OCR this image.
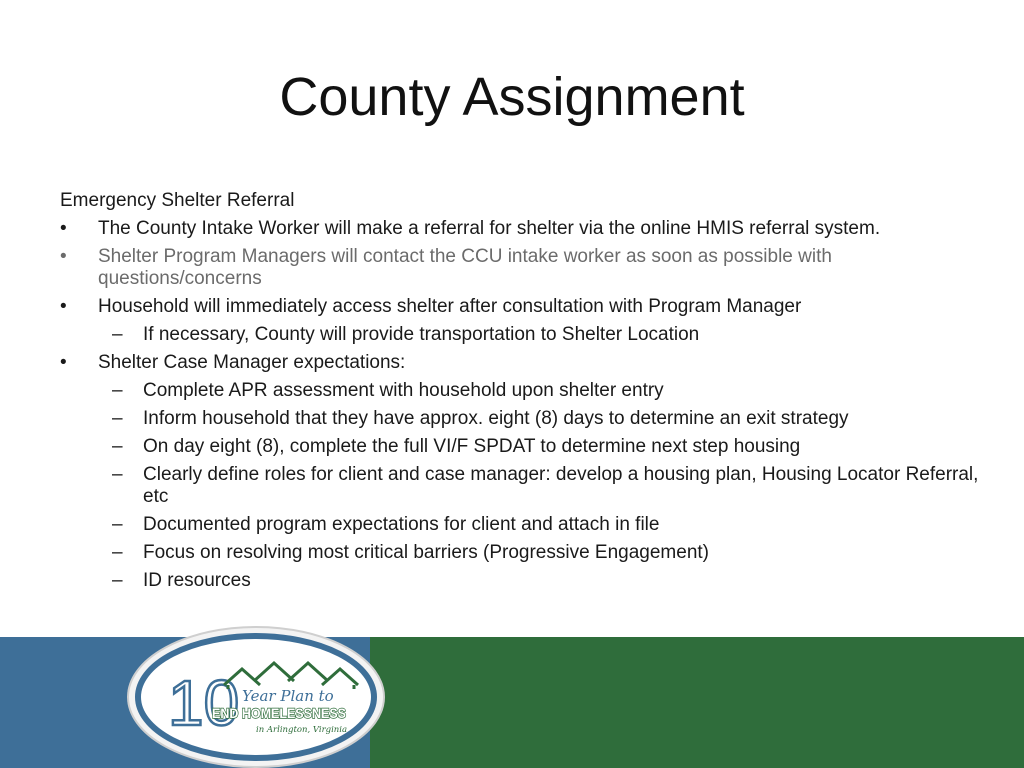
County Assignment
Emergency Shelter Referral
• The County Intake Worker will make a referral for shelter via the online HMIS referral system.
• Shelter Program Managers will contact the CCU intake worker as soon as possible with questions/concerns
• Household will immediately access shelter after consultation with Program Manager
– If necessary, County will provide transportation to Shelter Location
• Shelter Case Manager expectations:
– Complete APR assessment with household upon shelter entry
– Inform household that they have approx. eight (8) days to determine an exit strategy
– On day eight (8), complete the full VI/F SPDAT to determine next step housing
– Clearly define roles for client and case manager: develop a housing plan, Housing Locator Referral, etc
– Documented program expectations for client and attach in file
– Focus on resolving most critical barriers (Progressive Engagement)
– ID resources
10 Year Plan to
END HOMELESSNESS
in Arlington, Virginia
